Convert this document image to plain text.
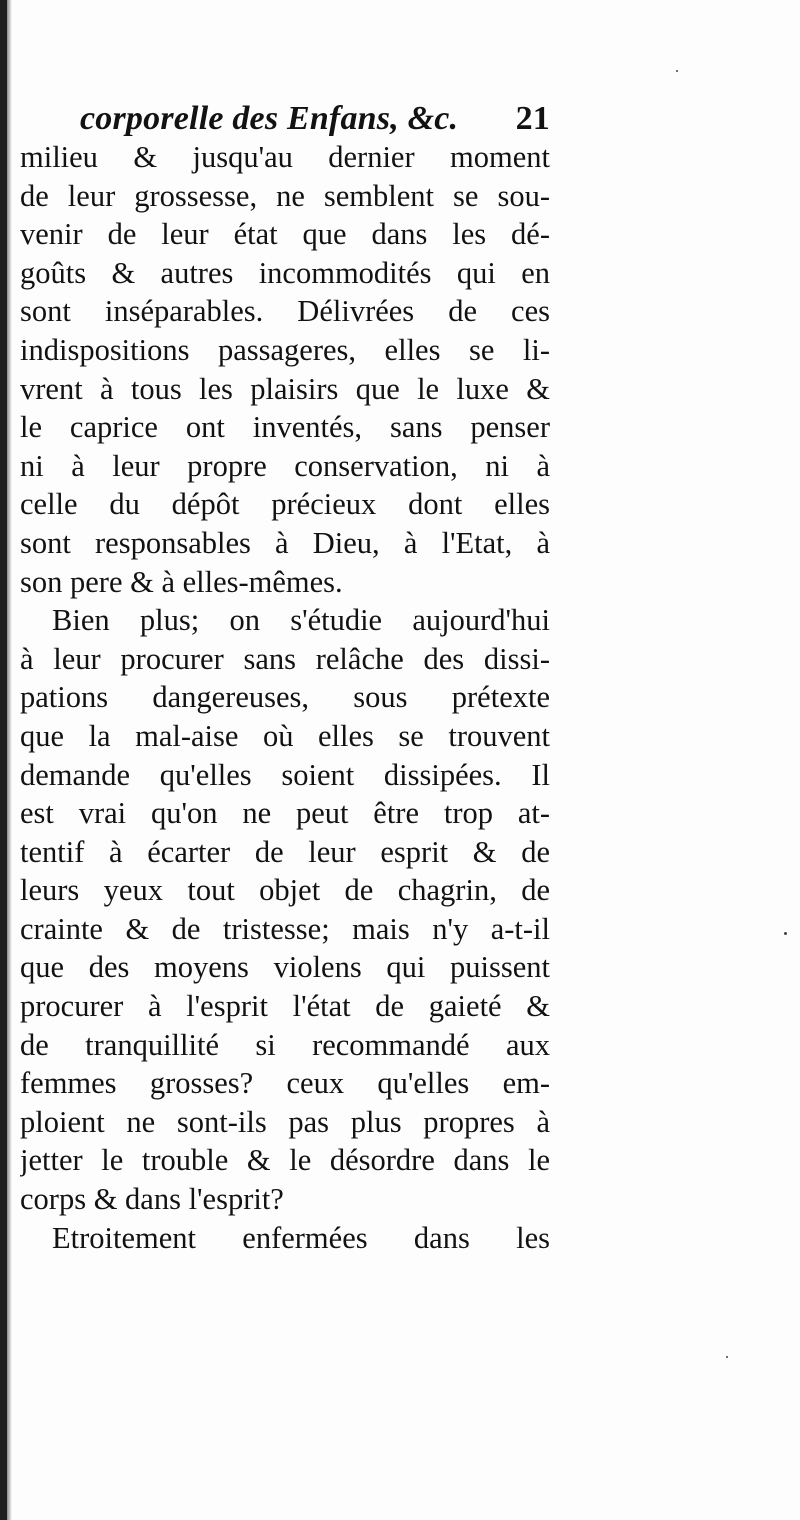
corporelle des Enfans, &c. 21
milieu & jusqu'au dernier moment
de leur grossesse, ne semblent se sou-
venir de leur état que dans les dé-
goûts & autres incommodités qui en
sont inséparables. Délivrées de ces
indispositions passageres, elles se li-
vrent à tous les plaisirs que le luxe &
le caprice ont inventés, sans penser
ni à leur propre conservation, ni à
celle du dépôt précieux dont elles
sont responsables à Dieu, à l'Etat, à
son pere & à elles-mêmes.
Bien plus; on s'étudie aujourd'hui
à leur procurer sans relâche des dissi-
pations dangereuses, sous prétexte
que la mal-aise où elles se trouvent
demande qu'elles soient dissipées. Il
est vrai qu'on ne peut être trop at-
tentif à écarter de leur esprit & de
leurs yeux tout objet de chagrin, de
crainte & de tristesse; mais n'y a-t-il
que des moyens violens qui puissent
procurer à l'esprit l'état de gaieté &
de tranquillité si recommandé aux
femmes grosses? ceux qu'elles em-
ploient ne sont-ils pas plus propres à
jetter le trouble & le désordre dans le
corps & dans l'esprit?
Etroitement enfermées dans les
